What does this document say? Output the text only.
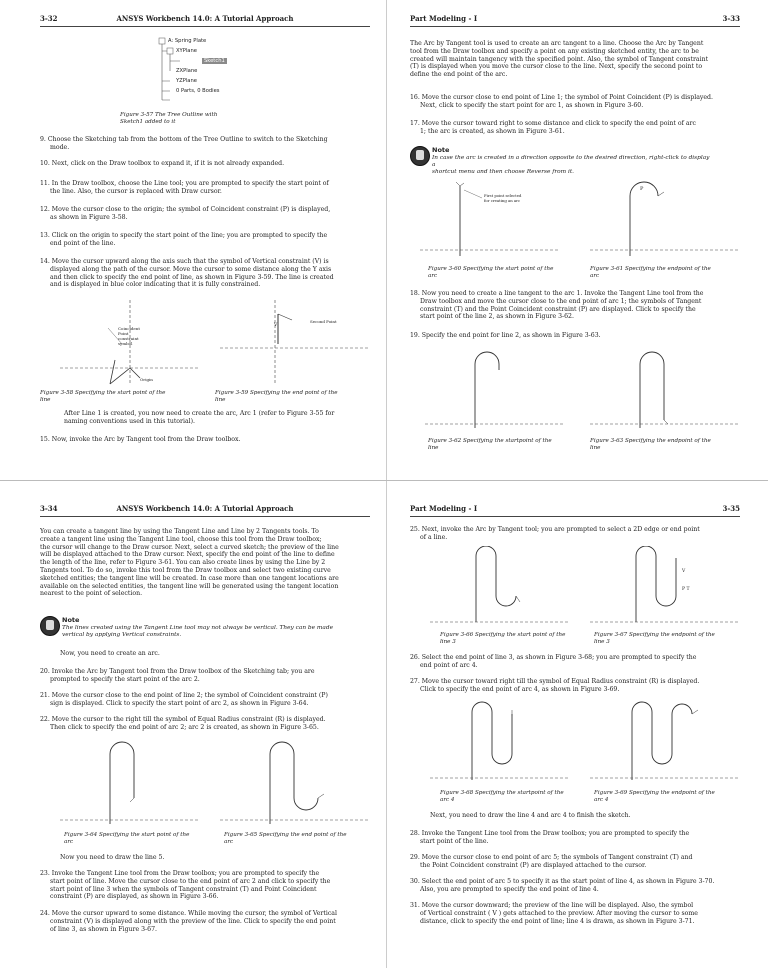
3-32	ANSYS Workbench 14.0: A Tutorial Approach
A: Spring Plate
XYPlane
Sketch1
ZXPlane
YZPlane
0 Parts, 0 Bodies
Figure 3-57 The Tree Outline with
Sketch1 added to it
9. Choose the Sketching tab from the bottom of the Tree Outline to switch to the Sketching
mode.
10. Next, click on the Draw toolbox to expand it, if it is not already expanded.
11. In the Draw toolbox, choose the Line tool; you are prompted to specify the start point of
the line. Also, the cursor is replaced with Draw cursor.
12. Move the cursor close to the origin; the symbol of Coincident constraint (P) is displayed,
as shown in Figure 3-58.
13. Click on the origin to specify the start point of the line; you are prompted to specify the
end point of the line.
14. Move the cursor upward along the axis such that the symbol of Vertical constraint (V) is
displayed along the path of the cursor. Move the cursor to some distance along the Y axis
and then click to specify the end point of line, as shown in Figure 3-59. The line is created
and is displayed in blue color indicating that it is fully constrained.
Coincident Point constraint symbol
Origin
Second Point
V
Figure 3-58 Specifying the start point of the
line
Figure 3-59 Specifying the end point of the
line
After Line 1 is created, you now need to create the arc, Arc 1 (refer to Figure 3-55 for
naming conventions used in this tutorial).
15. Now, invoke the Arc by Tangent tool from the Draw toolbox.
Part Modeling - I	3-33
The Arc by Tangent tool is used to create an arc tangent to a line. Choose the Arc by Tangent
tool from the Draw toolbox and specify a point on any existing sketched entity, the arc to be
created will maintain tangency with the specified point. Also, the symbol of Tangent constraint
(T) is displayed when you move the cursor close to the line. Next, specify the second point to
define the end point of the arc.
16. Move the cursor close to end point of Line 1; the symbol of Point Coincident (P) is displayed.
Next, click to specify the start point for arc 1, as shown in Figure 3-60.
17. Move the cursor toward right to some distance and click to specify the end point of arc
1; the arc is created, as shown in Figure 3-61.
Note
In case the arc is created in a direction opposite to the desired direction, right-click to display a
shortcut menu and then choose Reverse from it.
First point selected for creating an arc
P
Figure 3-60 Specifying the start point of the
arc
Figure 3-61 Specifying the endpoint of the
arc
18. Now you need to create a line tangent to the arc 1. Invoke the Tangent Line tool from the
Draw toolbox and move the cursor close to the end point of arc 1; the symbols of Tangent
constraint (T) and the Point Coincident constraint (P) are displayed. Click to specify the
start point of the line 2, as shown in Figure 3-62.
19. Specify the end point for line 2, as shown in Figure 3-63.
Figure 3-62 Specifying the startpoint of the
line
Figure 3-63 Specifying the endpoint of the
line
3-34	ANSYS Workbench 14.0: A Tutorial Approach
You can create a tangent line by using the Tangent Line and Line by 2 Tangents tools. To
create a tangent line using the Tangent Line tool, choose this tool from the Draw toolbox;
the cursor will change to the Draw cursor. Next, select a curved sketch; the preview of the line
will be displayed attached to the Draw cursor. Next, specify the end point of the line to define
the length of the line, refer to Figure 3-61. You can also create lines by using the Line by 2
Tangents tool. To do so, invoke this tool from the Draw toolbox and select two existing curve
sketched entities; the tangent line will be created. In case more than one tangent locations are
available on the selected entities, the tangent line will be generated using the tangent location
nearest to the point of selection.
Note
The lines created using the Tangent Line tool may not always be vertical. They can be made
vertical by applying Vertical constraints.
Now, you need to create an arc.
20. Invoke the Arc by Tangent tool from the Draw toolbox of the Sketching tab; you are
prompted to specify the start point of the arc 2.
21. Move the cursor close to the end point of line 2; the symbol of Coincident constraint (P)
sign is displayed. Click to specify the start point of arc 2, as shown in Figure 3-64.
22. Move the cursor to the right till the symbol of Equal Radius constraint (R) is displayed.
Then click to specify the end point of arc 2; arc 2 is created, as shown in Figure 3-65.
Figure 3-64 Specifying the start point of the
arc
Figure 3-65 Specifying the end point of the
arc
Now you need to draw the line 5.
23. Invoke the Tangent Line tool from the Draw toolbox; you are prompted to specify the
start point of line. Move the cursor close to the end point of arc 2 and click to specify the
start point of line 3 when the symbols of Tangent constraint (T) and Point Coincident
constraint (P) are displayed, as shown in Figure 3-66.
24. Move the cursor upward to some distance. While moving the cursor, the symbol of Vertical
constraint (V) is displayed along with the preview of the line. Click to specify the end point
of line 3, as shown in Figure 3-67.
Part Modeling - I	3-35
25. Next, invoke the Arc by Tangent tool; you are prompted to select a 2D edge or end point
of a line.
V
P T
Figure 3-66 Specifying the start point of the
line 3
Figure 3-67 Specifying the endpoint of the
line 3
26. Select the end point of line 3, as shown in Figure 3-68; you are prompted to specify the
end point of arc 4.
27. Move the cursor toward right till the symbol of Equal Radius constraint (R) is displayed.
Click to specify the end point of arc 4, as shown in Figure 3-69.
Figure 3-68 Specifying the startpoint of the
arc 4
Figure 3-69 Specifying the endpoint of the
arc 4
Next, you need to draw the line 4 and arc 4 to finish the sketch.
28. Invoke the Tangent Line tool from the Draw toolbox; you are prompted to specify the
start point of the line.
29. Move the cursor close to end point of arc 5; the symbols of Tangent constraint (T) and
the Point Coincident constraint (P) are displayed attached to the cursor.
30. Select the end point of arc 5 to specify it as the start point of line 4, as shown in Figure 3-70.
Also, you are prompted to specify the end point of line 4.
31. Move the cursor downward; the preview of the line will be displayed. Also, the symbol
of Vertical constraint ( V ) gets attached to the preview. After moving the cursor to some
distance, click to specify the end point of line; line 4 is drawn, as shown in Figure 3-71.
